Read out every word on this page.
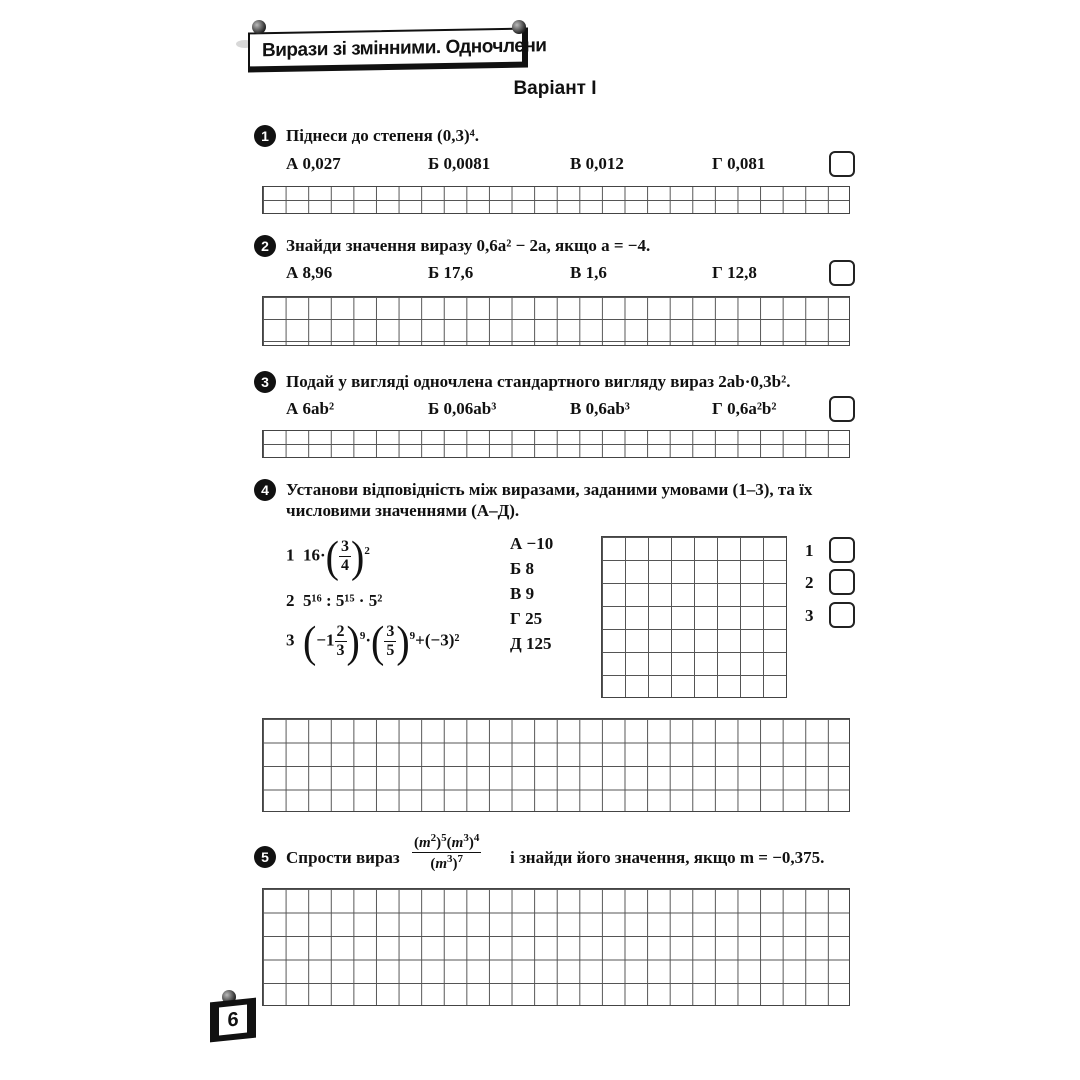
Вирази зі змінними. Одночлени
Варіант I
1	Піднеси до степеня (0,3)⁴.
А 0,027	Б 0,0081	В 0,012	Г 0,081
2	Знайди значення виразу 0,6a² − 2a, якщо a = −4.
А 8,96	Б 17,6	В 1,6	Г 12,8
3	Подай у вигляді одночлена стандартного вигляду вираз 2ab·0,3b².
А 6ab²	Б 0,06ab³	В 0,6ab³	Г 0,6a²b²
4	Установи відповідність між виразами, заданими умовами (1–3), та їх
числовими значеннями (А–Д).
1 $16\cdot( \frac{3}{4} )^2$
2 5¹⁶ : 5¹⁵ · 5²
3 $(-1 \frac{2}{3} )^9\cdot( \frac{3}{5} )^9+(-3)^2$
А −10
Б 8
В 9
Г 25
Д 125
1
2
3
5	Спрости вираз $\frac{(m^2)^5(m^3)^4}{(m^3)^7}$ і знайди його значення, якщо m = −0,375.
6
